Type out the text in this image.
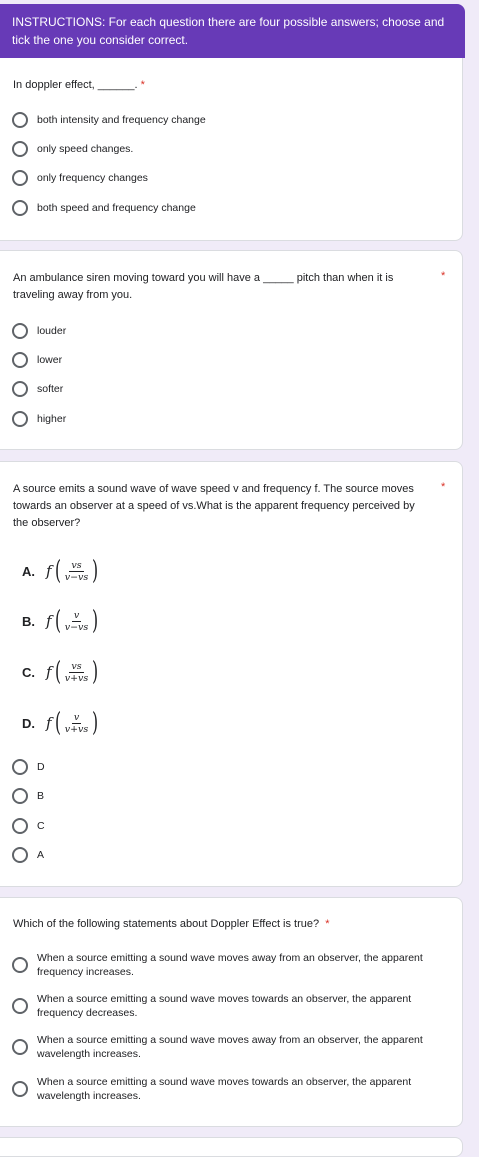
INSTRUCTIONS: For each question there are four possible answers; choose and tick the one you consider correct.
In doppler effect, ______. *
both intensity and frequency change
only speed changes.
only frequency changes
both speed and frequency change
An ambulance siren moving toward you will have a _____ pitch than when it is traveling away from you.
*
louder
lower
softer
higher
A source emits a sound wave of wave speed v and frequency f. The source moves towards an observer at a speed of vs.What is the apparent frequency perceived by the observer?
*
A. f ( $\frac{vs}{v-vs}$ )
B. f ( $\frac{v}{v-vs}$ )
C. f ( $\frac{vs}{v+vs}$ )
D. f ( $\frac{v}{v+vs}$ )
D
B
C
A
Which of the following statements about Doppler Effect is true? *
When a source emitting a sound wave moves away from an observer, the apparent frequency increases.
When a source emitting a sound wave moves towards an observer, the apparent frequency decreases.
When a source emitting a sound wave moves away from an observer, the apparent wavelength increases.
When a source emitting a sound wave moves towards an observer, the apparent wavelength increases.
